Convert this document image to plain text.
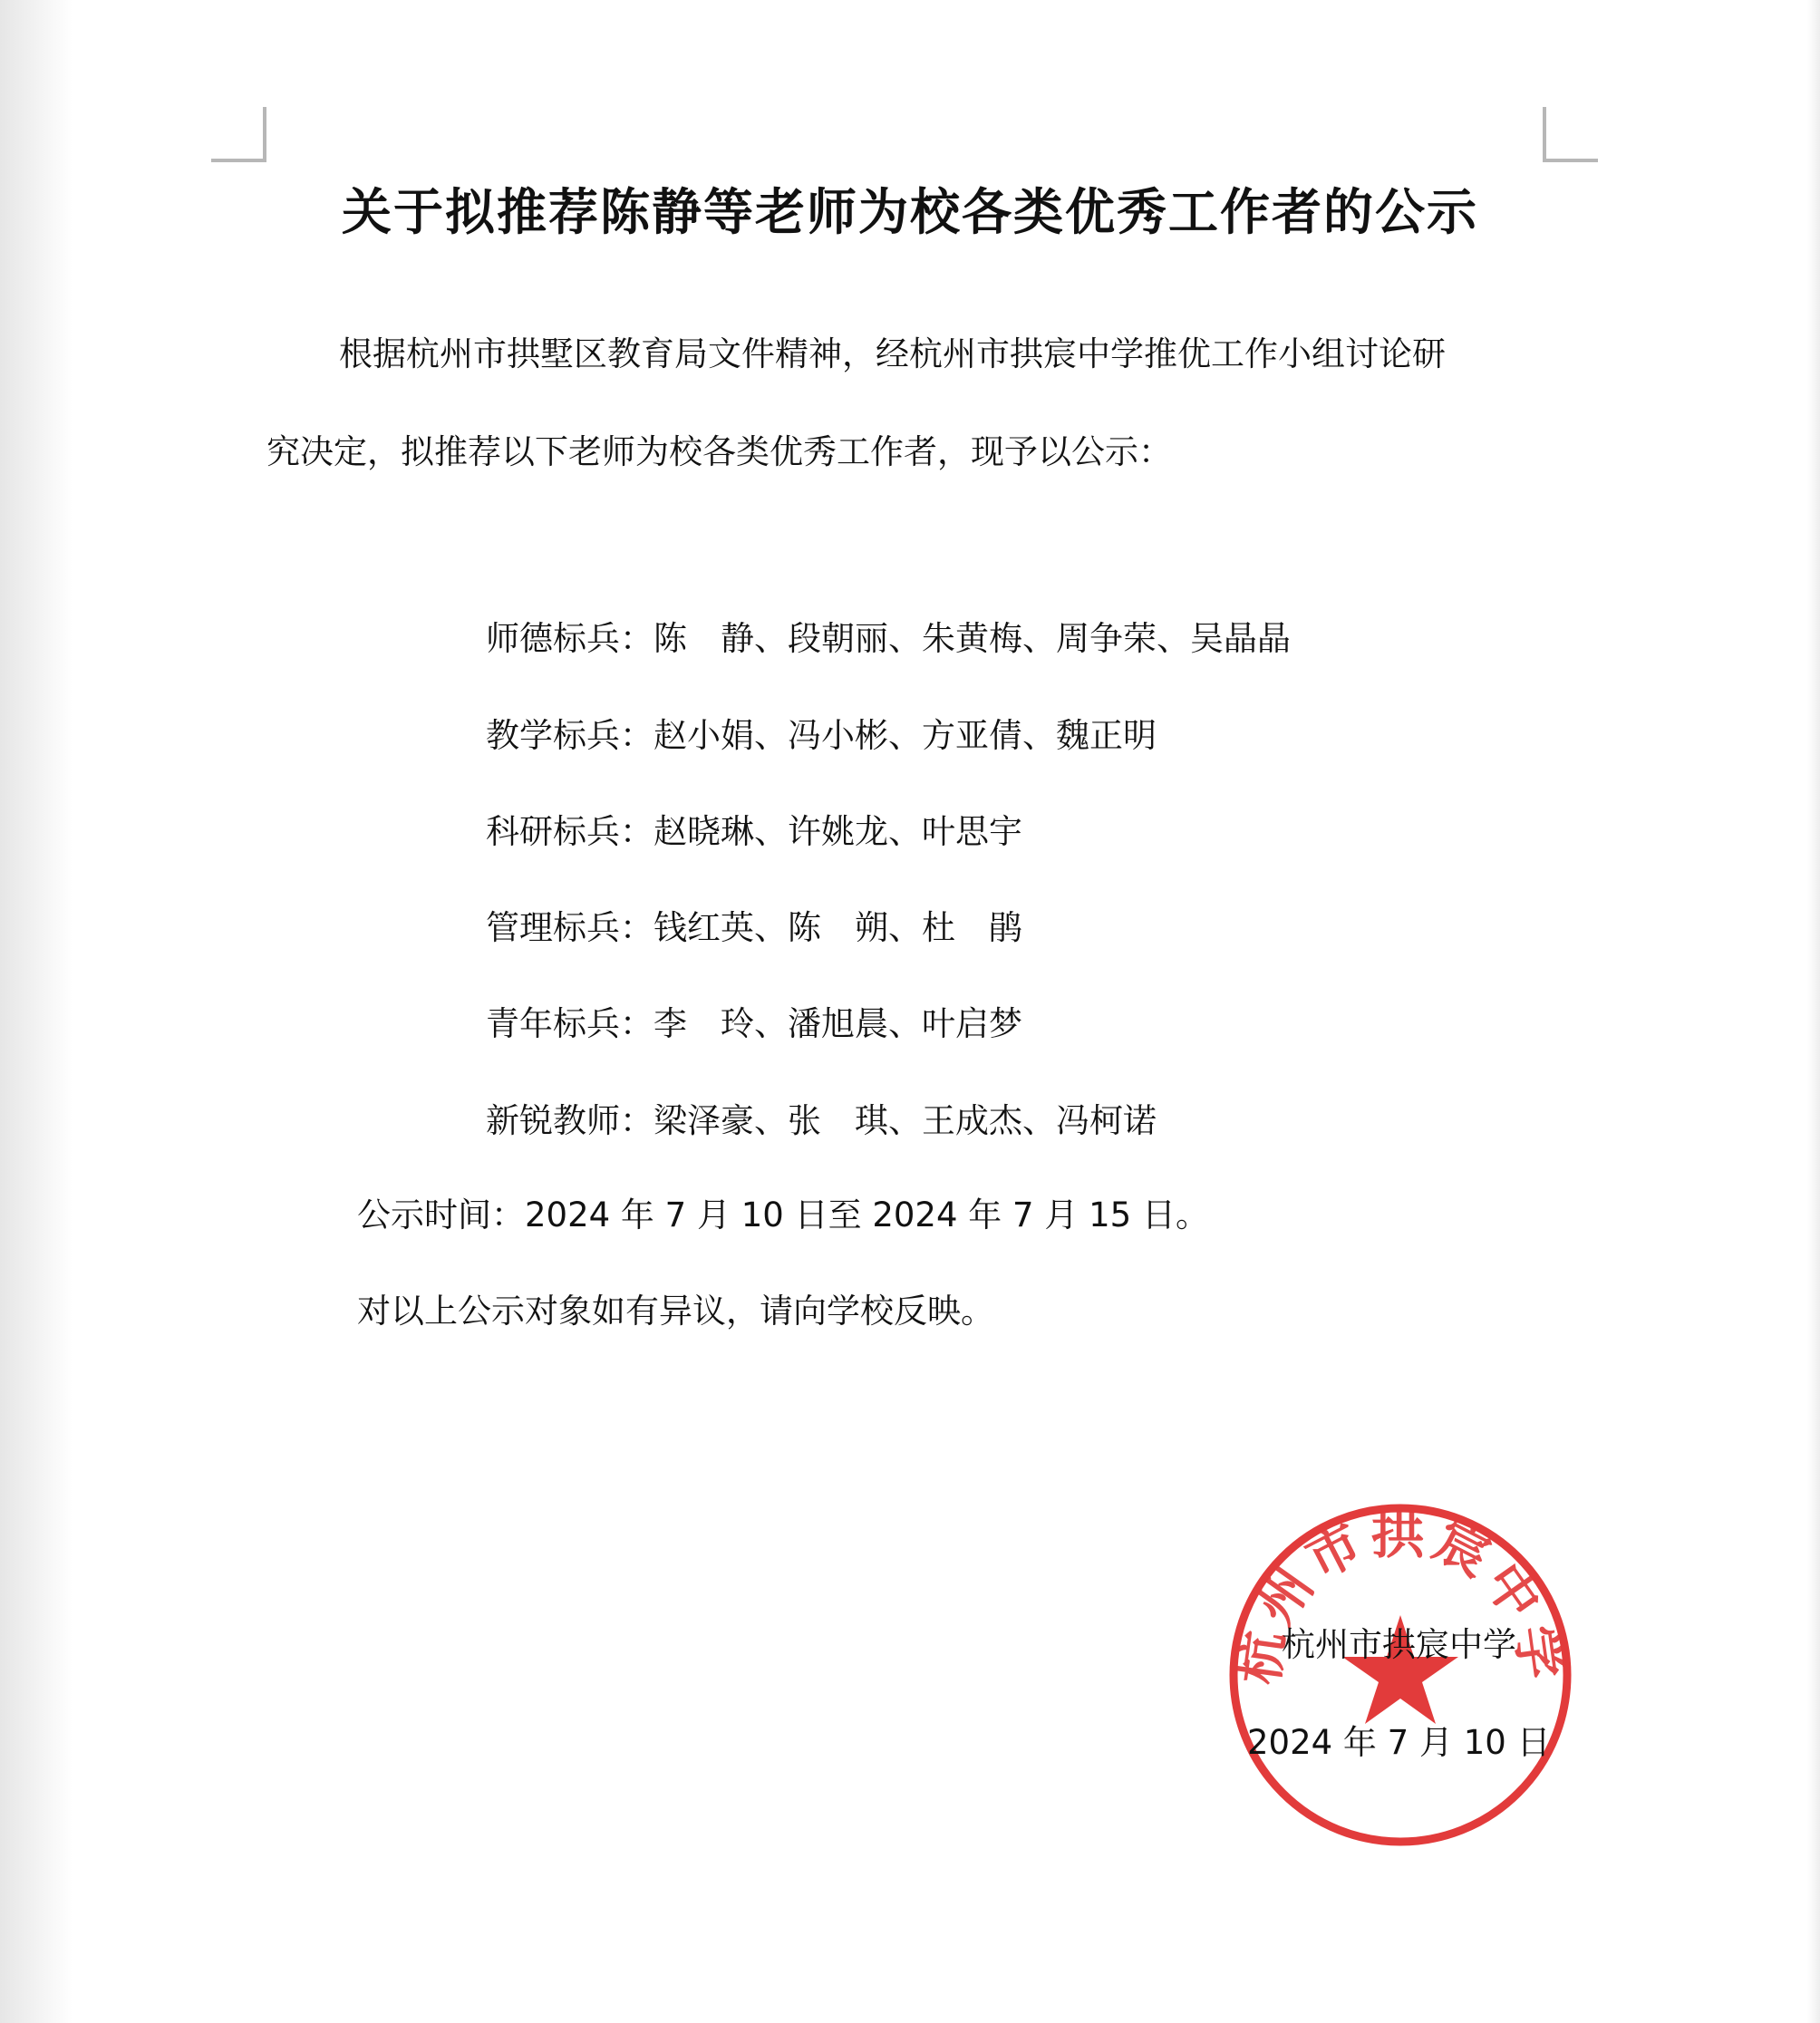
关于拟推荐陈静等老师为校各类优秀工作者的公示
根据杭州市拱墅区教育局文件精神，经杭州市拱宸中学推优工作小组讨论研
究决定，拟推荐以下老师为校各类优秀工作者，现予以公示：
师德标兵：陈　静、段朝丽、朱黄梅、周争荣、吴晶晶
教学标兵：赵小娟、冯小彬、方亚倩、魏正明
科研标兵：赵晓琳、许姚龙、叶思宇
管理标兵：钱红英、陈　朔、杜　鹃
青年标兵：李　玲、潘旭晨、叶启梦
新锐教师：梁泽豪、张　琪、王成杰、冯柯诺
公示时间：2024 年 7 月 10 日至 2024 年 7 月 15 日。
对以上公示对象如有异议，请向学校反映。
杭州市拱宸中学
杭州市拱宸中学
2024 年 7 月 10 日
